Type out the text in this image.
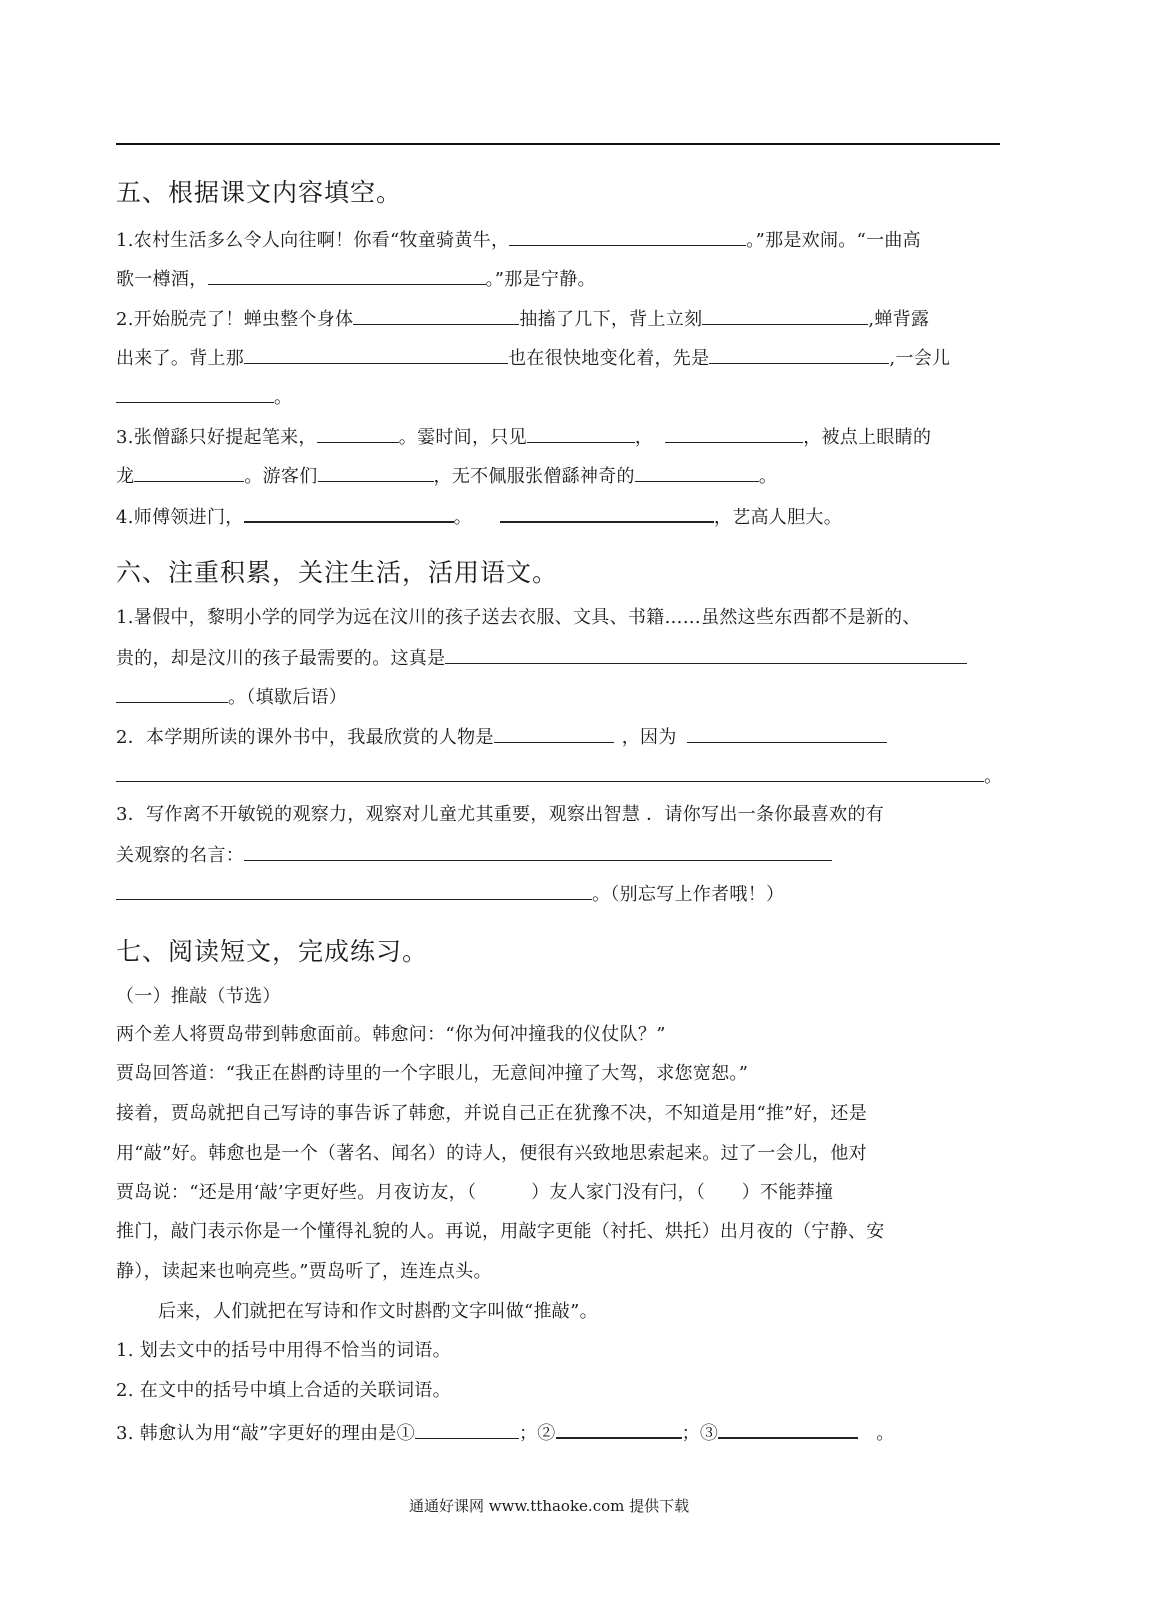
五、根据课文内容填空。
1.农村生活多么令人向往啊！你看“牧童骑黄牛，	。”那是欢闹。“一曲高
歌一樽酒，	。”那是宁静。
2.开始脱壳了！蝉虫整个身体	抽搐了几下，背上立刻	,蝉背露
出来了。背上那	也在很快地变化着，先是	,一会儿
。
3.张僧繇只好提起笔来，	。霎时间，只见	，	，被点上眼睛的
龙	。游客们	，无不佩服张僧繇神奇的	。
4.师傅领进门，	。	，艺高人胆大。
六、注重积累，关注生活，活用语文。
1.暑假中，黎明小学的同学为远在汶川的孩子送去衣服、文具、书籍……虽然这些东西都不是新的、
贵的，却是汶川的孩子最需要的。这真是
。（填歇后语）
2．本学期所读的课外书中，我最欣赏的人物是	，因为
。
3．写作离不开敏锐的观察力，观察对儿童尤其重要，观察出智慧 ．请你写出一条你最喜欢的有
关观察的名言：
。（别忘写上作者哦！）
七、阅读短文，完成练习。
（一）推敲（节选）
两个差人将贾岛带到韩愈面前。韩愈问：“你为何冲撞我的仪仗队？”
贾岛回答道：“我正在斟酌诗里的一个字眼儿，无意间冲撞了大驾，求您宽恕。”
接着，贾岛就把自己写诗的事告诉了韩愈，并说自己正在犹豫不决，不知道是用“推”好，还是
用“敲”好。韩愈也是一个（著名、闻名）的诗人，便很有兴致地思索起来。过了一会儿，他对
贾岛说：“还是用‘敲’字更好些。月夜访友，（　　　）友人家门没有闩，（　　）不能莽撞
推门，敲门表示你是一个懂得礼貌的人。再说，用敲字更能（衬托、烘托）出月夜的（宁静、安
静），读起来也响亮些。”贾岛听了，连连点头。
后来，人们就把在写诗和作文时斟酌文字叫做“推敲”。
1. 划去文中的括号中用得不恰当的词语。
2. 在文中的括号中填上合适的关联词语。
3. 韩愈认为用“敲”字更好的理由是①	；②	；③	。
通通好课网 www.tthaoke.com 提供下载
